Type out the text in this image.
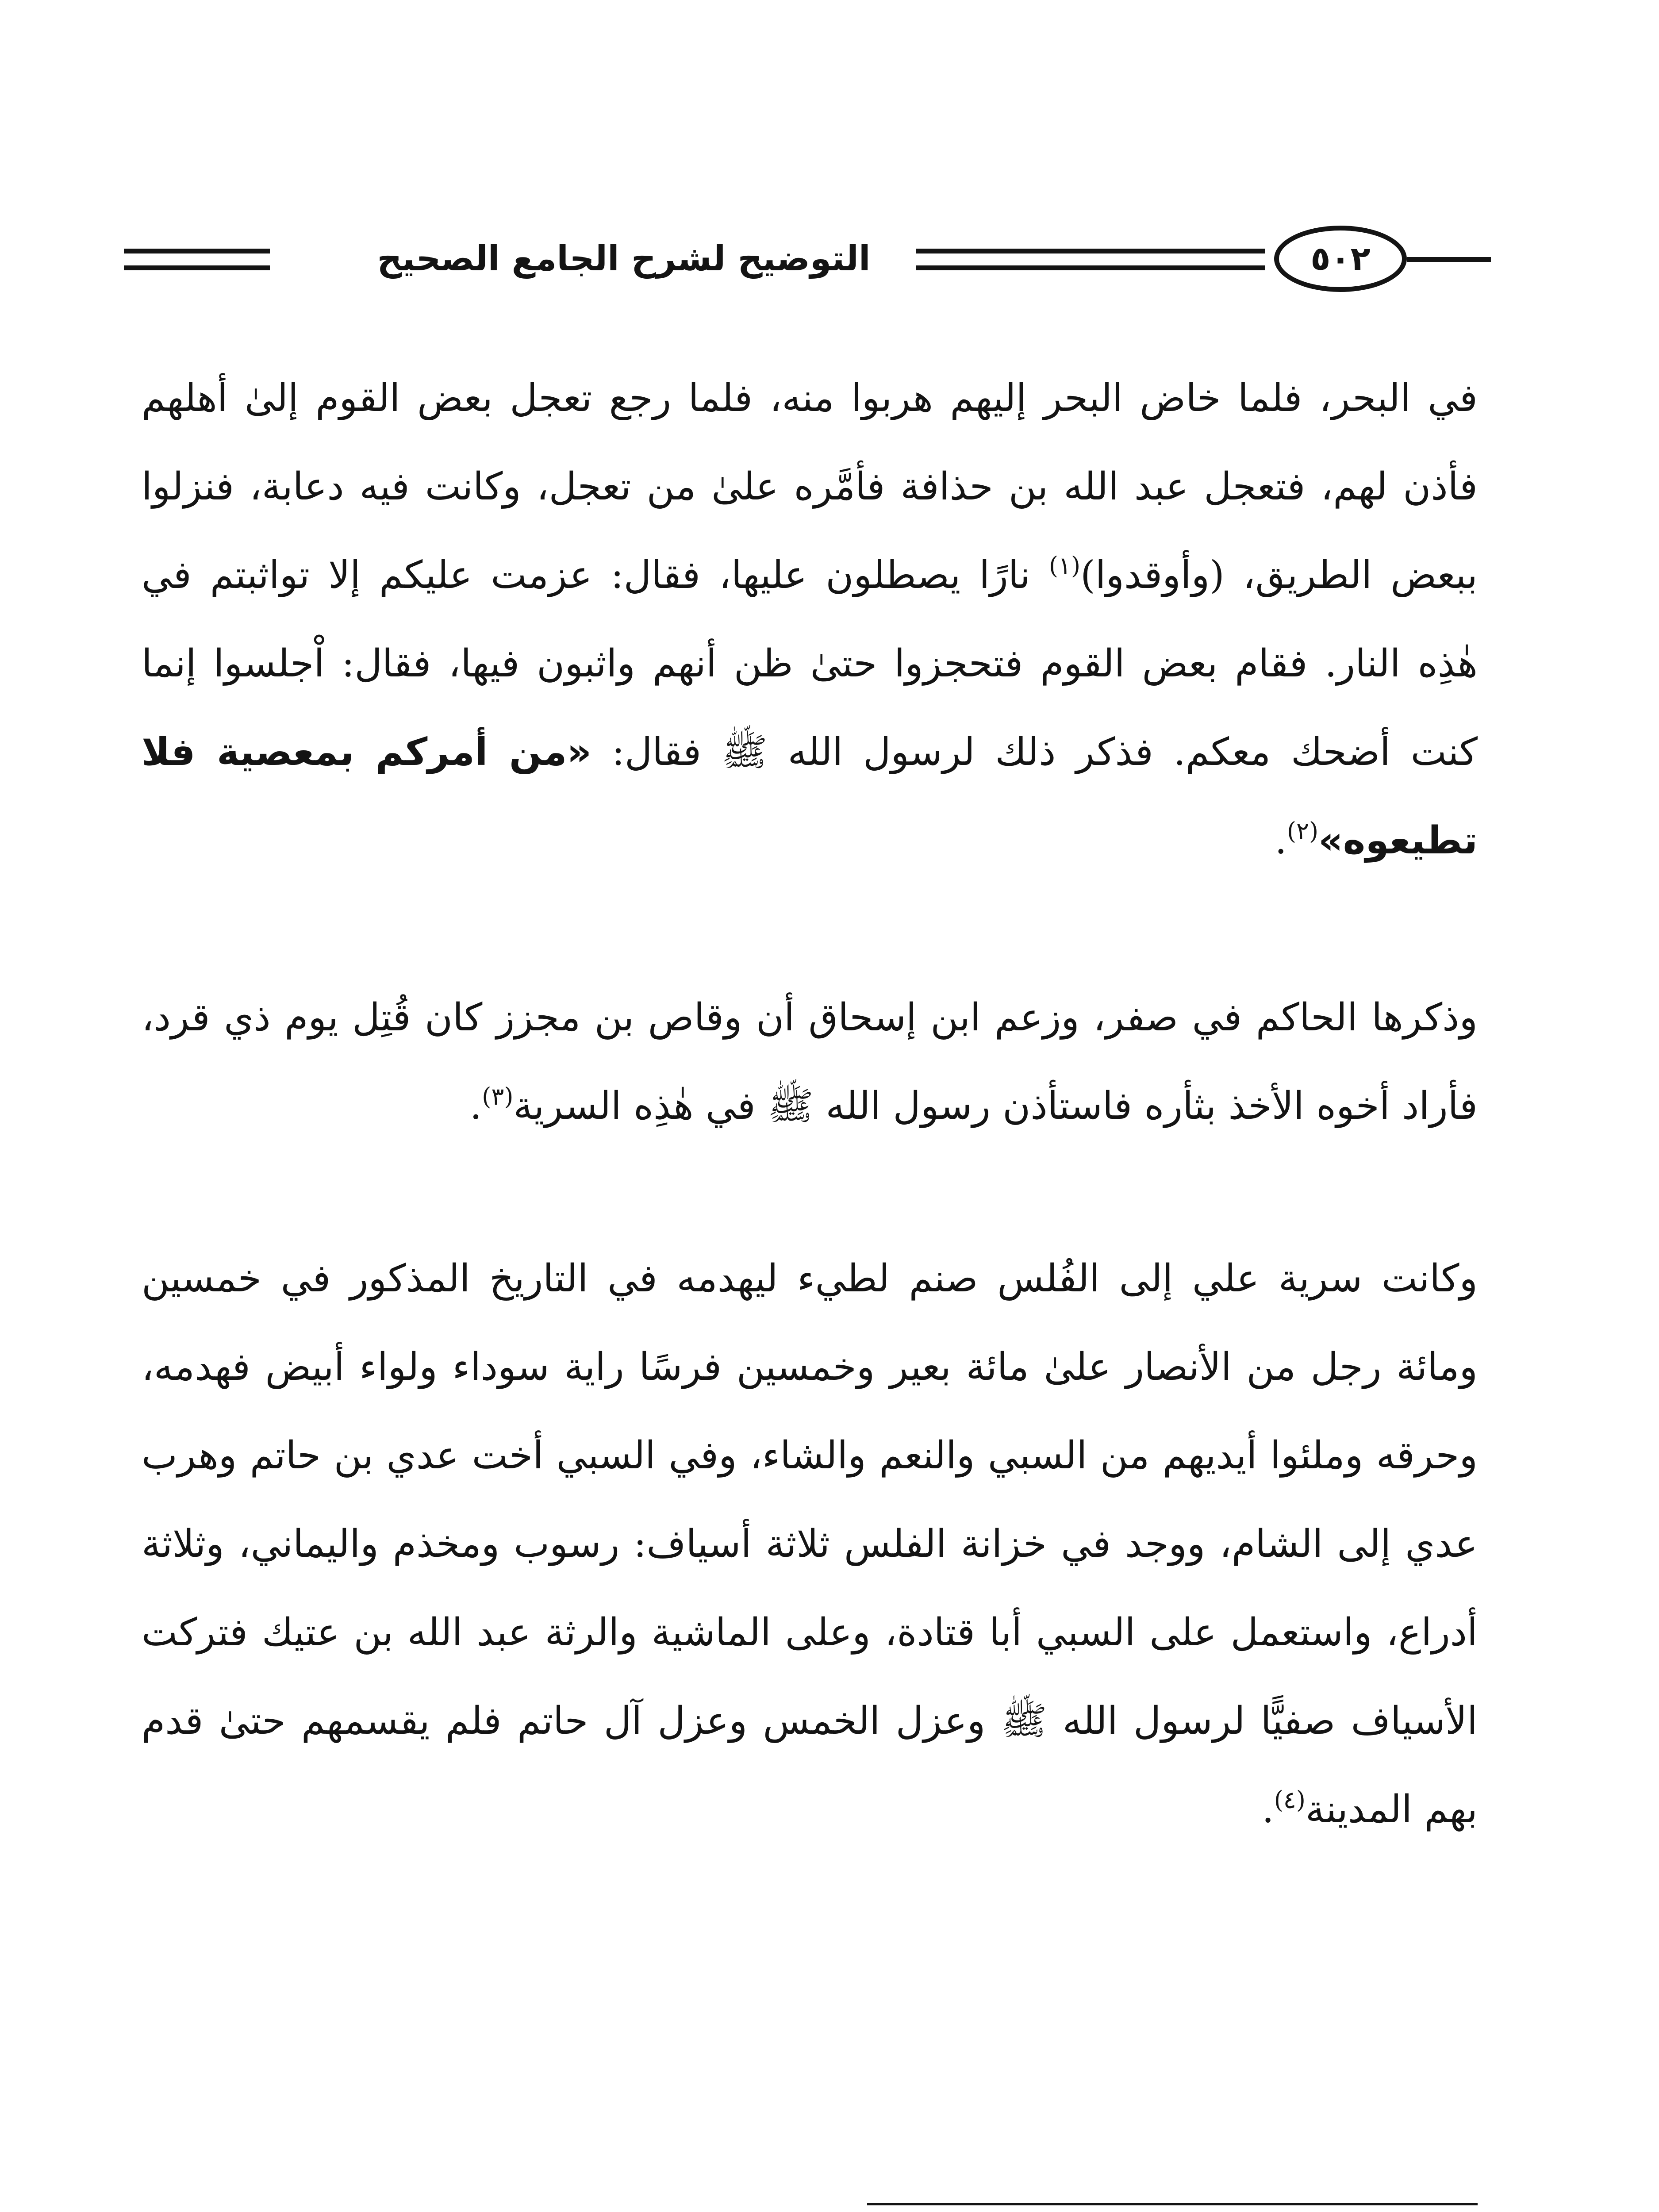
التوضيح لشرح الجامع الصحيح	٥٠٢

في البحر، فلما خاض البحر إليهم هربوا منه، فلما رجع تعجل بعض القوم إلىٰ أهلهم فأذن لهم، فتعجل عبد الله بن حذافة فأمَّره علىٰ من تعجل، وكانت فيه دعابة، فنزلوا ببعض الطريق، (وأوقدوا)$^{(١)}$ نارًا يصطلون عليها، فقال: عزمت عليكم إلا تواثبتم في هٰذِه النار. فقام بعض القوم فتحجزوا حتىٰ ظن أنهم واثبون فيها، فقال: اْجلسوا إنما كنت أضحك معكم. فذكر ذلك لرسول الله ﷺ فقال: «من أمركم بمعصية فلا تطيعوه»$^{(٢)}$.

وذكرها الحاكم في صفر، وزعم ابن إسحاق أن وقاص بن مجزز كان قُتِل يوم ذي قرد، فأراد أخوه الأخذ بثأره فاستأذن رسول الله ﷺ في هٰذِه السرية$^{(٣)}$.

وكانت سرية علي إلى الفُلس صنم لطيء ليهدمه في التاريخ المذكور في خمسين ومائة رجل من الأنصار علىٰ مائة بعير وخمسين فرسًا راية سوداء ولواء أبيض فهدمه، وحرقه وملئوا أيديهم من السبي والنعم والشاء، وفي السبي أخت عدي بن حاتم وهرب عدي إلى الشام، ووجد في خزانة الفلس ثلاثة أسياف: رسوب ومخذم واليماني، وثلاثة أدراع، واستعمل على السبي أبا قتادة، وعلى الماشية والرثة عبد الله بن عتيك فتركت الأسياف صفيًّا لرسول الله ﷺ وعزل الخمس وعزل آل حاتم فلم يقسمهم حتىٰ قدم بهم المدينة$^{(٤)}$.
